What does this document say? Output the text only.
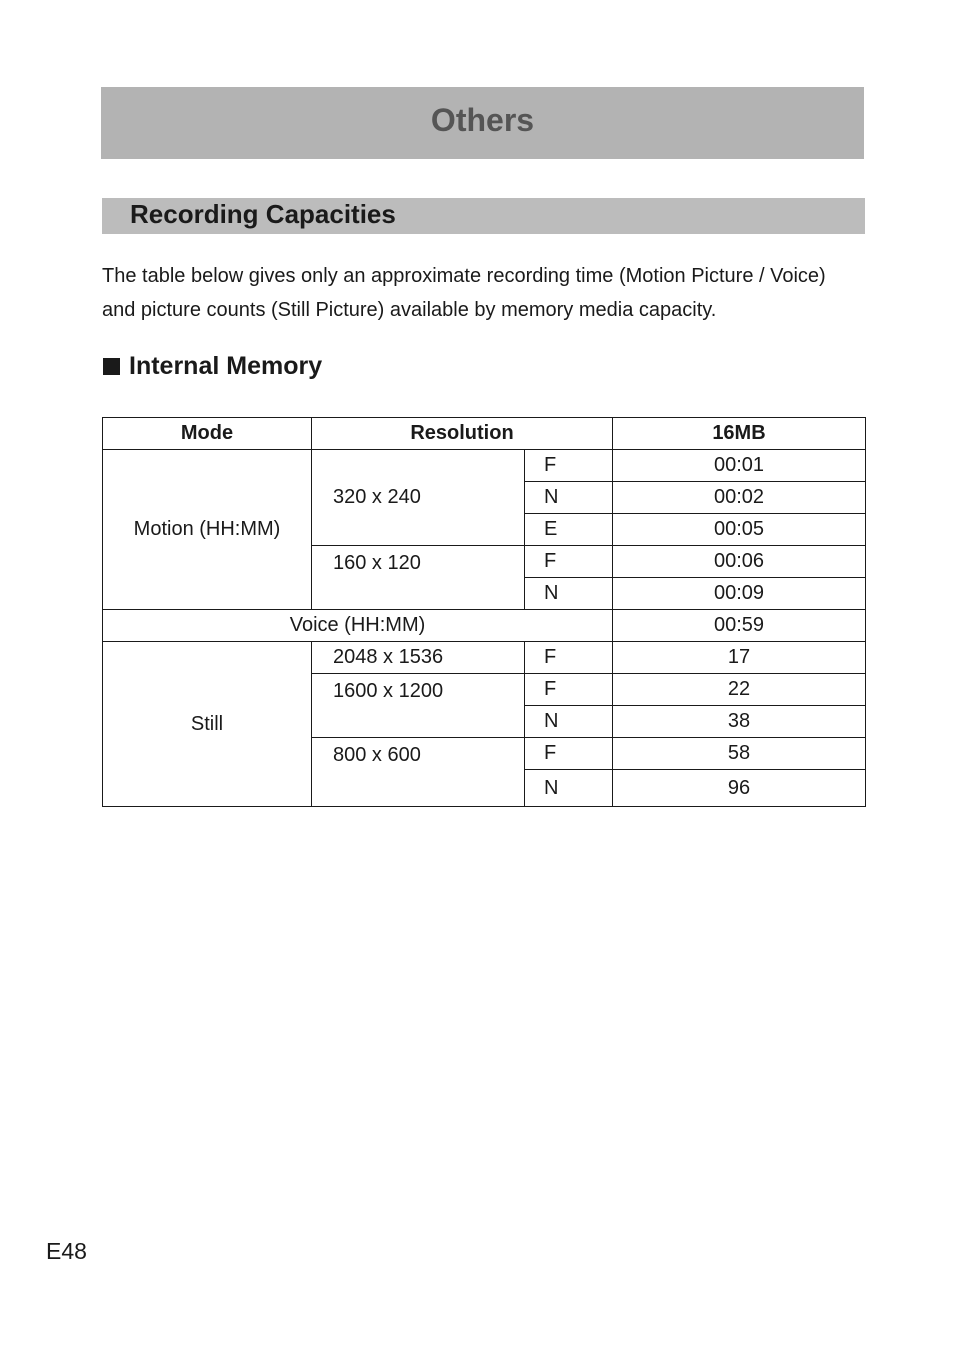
Others
Recording Capacities
The table below gives only an approximate recording time (Motion Picture / Voice)
and picture counts (Still Picture) available by memory media capacity.
Internal Memory
Mode	Resolution		16MB
Motion (HH:MM)	320 x 240	F	00:01
		N	00:02
		E	00:05
	160 x 120	F	00:06
		N	00:09
Voice (HH:MM)			00:59
Still	2048 x 1536	F	17
	1600 x 1200	F	22
		N	38
	800 x 600	F	58
		N	96
E48
